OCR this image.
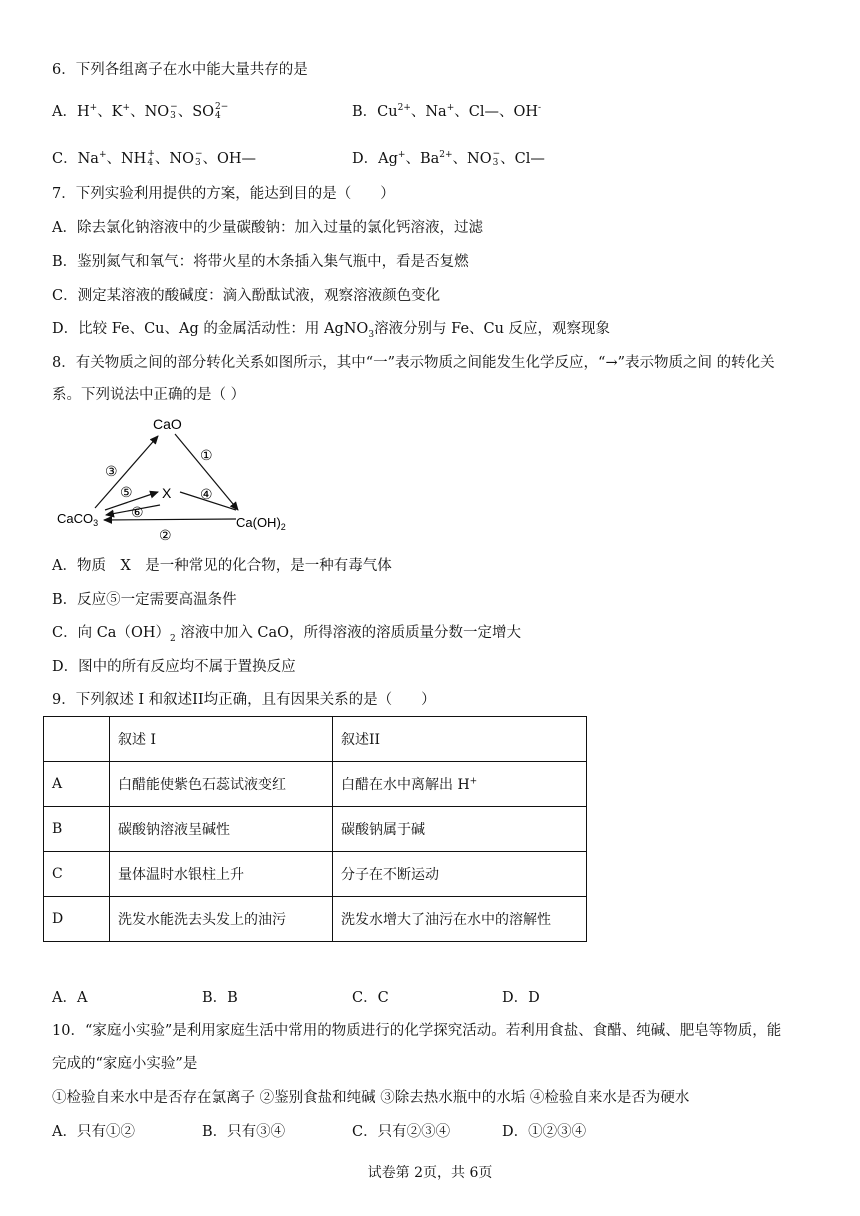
6．下列各组离子在水中能大量共存的是
A．H+、K+、NO −
3 、SO 2−
4	B．$Cu^{2+}$、Na+、Cl—、OH-
C．Na+、NH +
4 、NO −
3 、OH—	D．Ag+、$Ba^{2+}$、NO −
3 、Cl—
7．下列实验利用提供的方案，能达到目的是（　　）
A．除去氯化钠溶液中的少量碳酸钠：加入过量的氯化钙溶液，过滤
B．鉴别氮气和氧气：将带火星的木条插入集气瓶中，看是否复燃
C．测定某溶液的酸碱度：滴入酚酞试液，观察溶液颜色变化
D．比较 Fe、Cu、Ag 的金属活动性：用 AgNO$_3$溶液分别与 Fe、Cu 反应，观察现象
8．有关物质之间的部分转化关系如图所示，其中“一”表示物质之间能发生化学反应，“→”表示物质之间 的转化关
系。下列说法中正确的是（ ）
CaO
X
CaCO$_3$	$Ca(OH)_2$
①
②
③
④
⑤
⑥
A．物质　X　是一种常见的化合物，是一种有毒气体
B．反应⑤一定需要高温条件
C．向 $Ca(OH)_2$ 溶液中加入 CaO，所得溶液的溶质质量分数一定增大
D．图中的所有反应均不属于置换反应
9．下列叙述 I 和叙述II均正确，且有因果关系的是（　　）
	叙述 I	叙述II
A	白醋能使紫色石蕊试液变红	白醋在水中离解出 H+
B	碳酸钠溶液呈碱性	碳酸钠属于碱
C	量体温时水银柱上升	分子在不断运动
D	洗发水能洗去头发上的油污	洗发水增大了油污在水中的溶解性
A．A	B．B	C．C	D．D
10．“家庭小实验”是利用家庭生活中常用的物质进行的化学探究活动。若利用食盐、食醋、纯碱、肥皂等物质，能
完成的“家庭小实验”是
①检验自来水中是否存在氯离子 ②鉴别食盐和纯碱 ③除去热水瓶中的水垢 ④检验自来水是否为硬水
A．只有①②	B．只有③④	C．只有②③④	D．①②③④
试卷第 2页，共 6页
